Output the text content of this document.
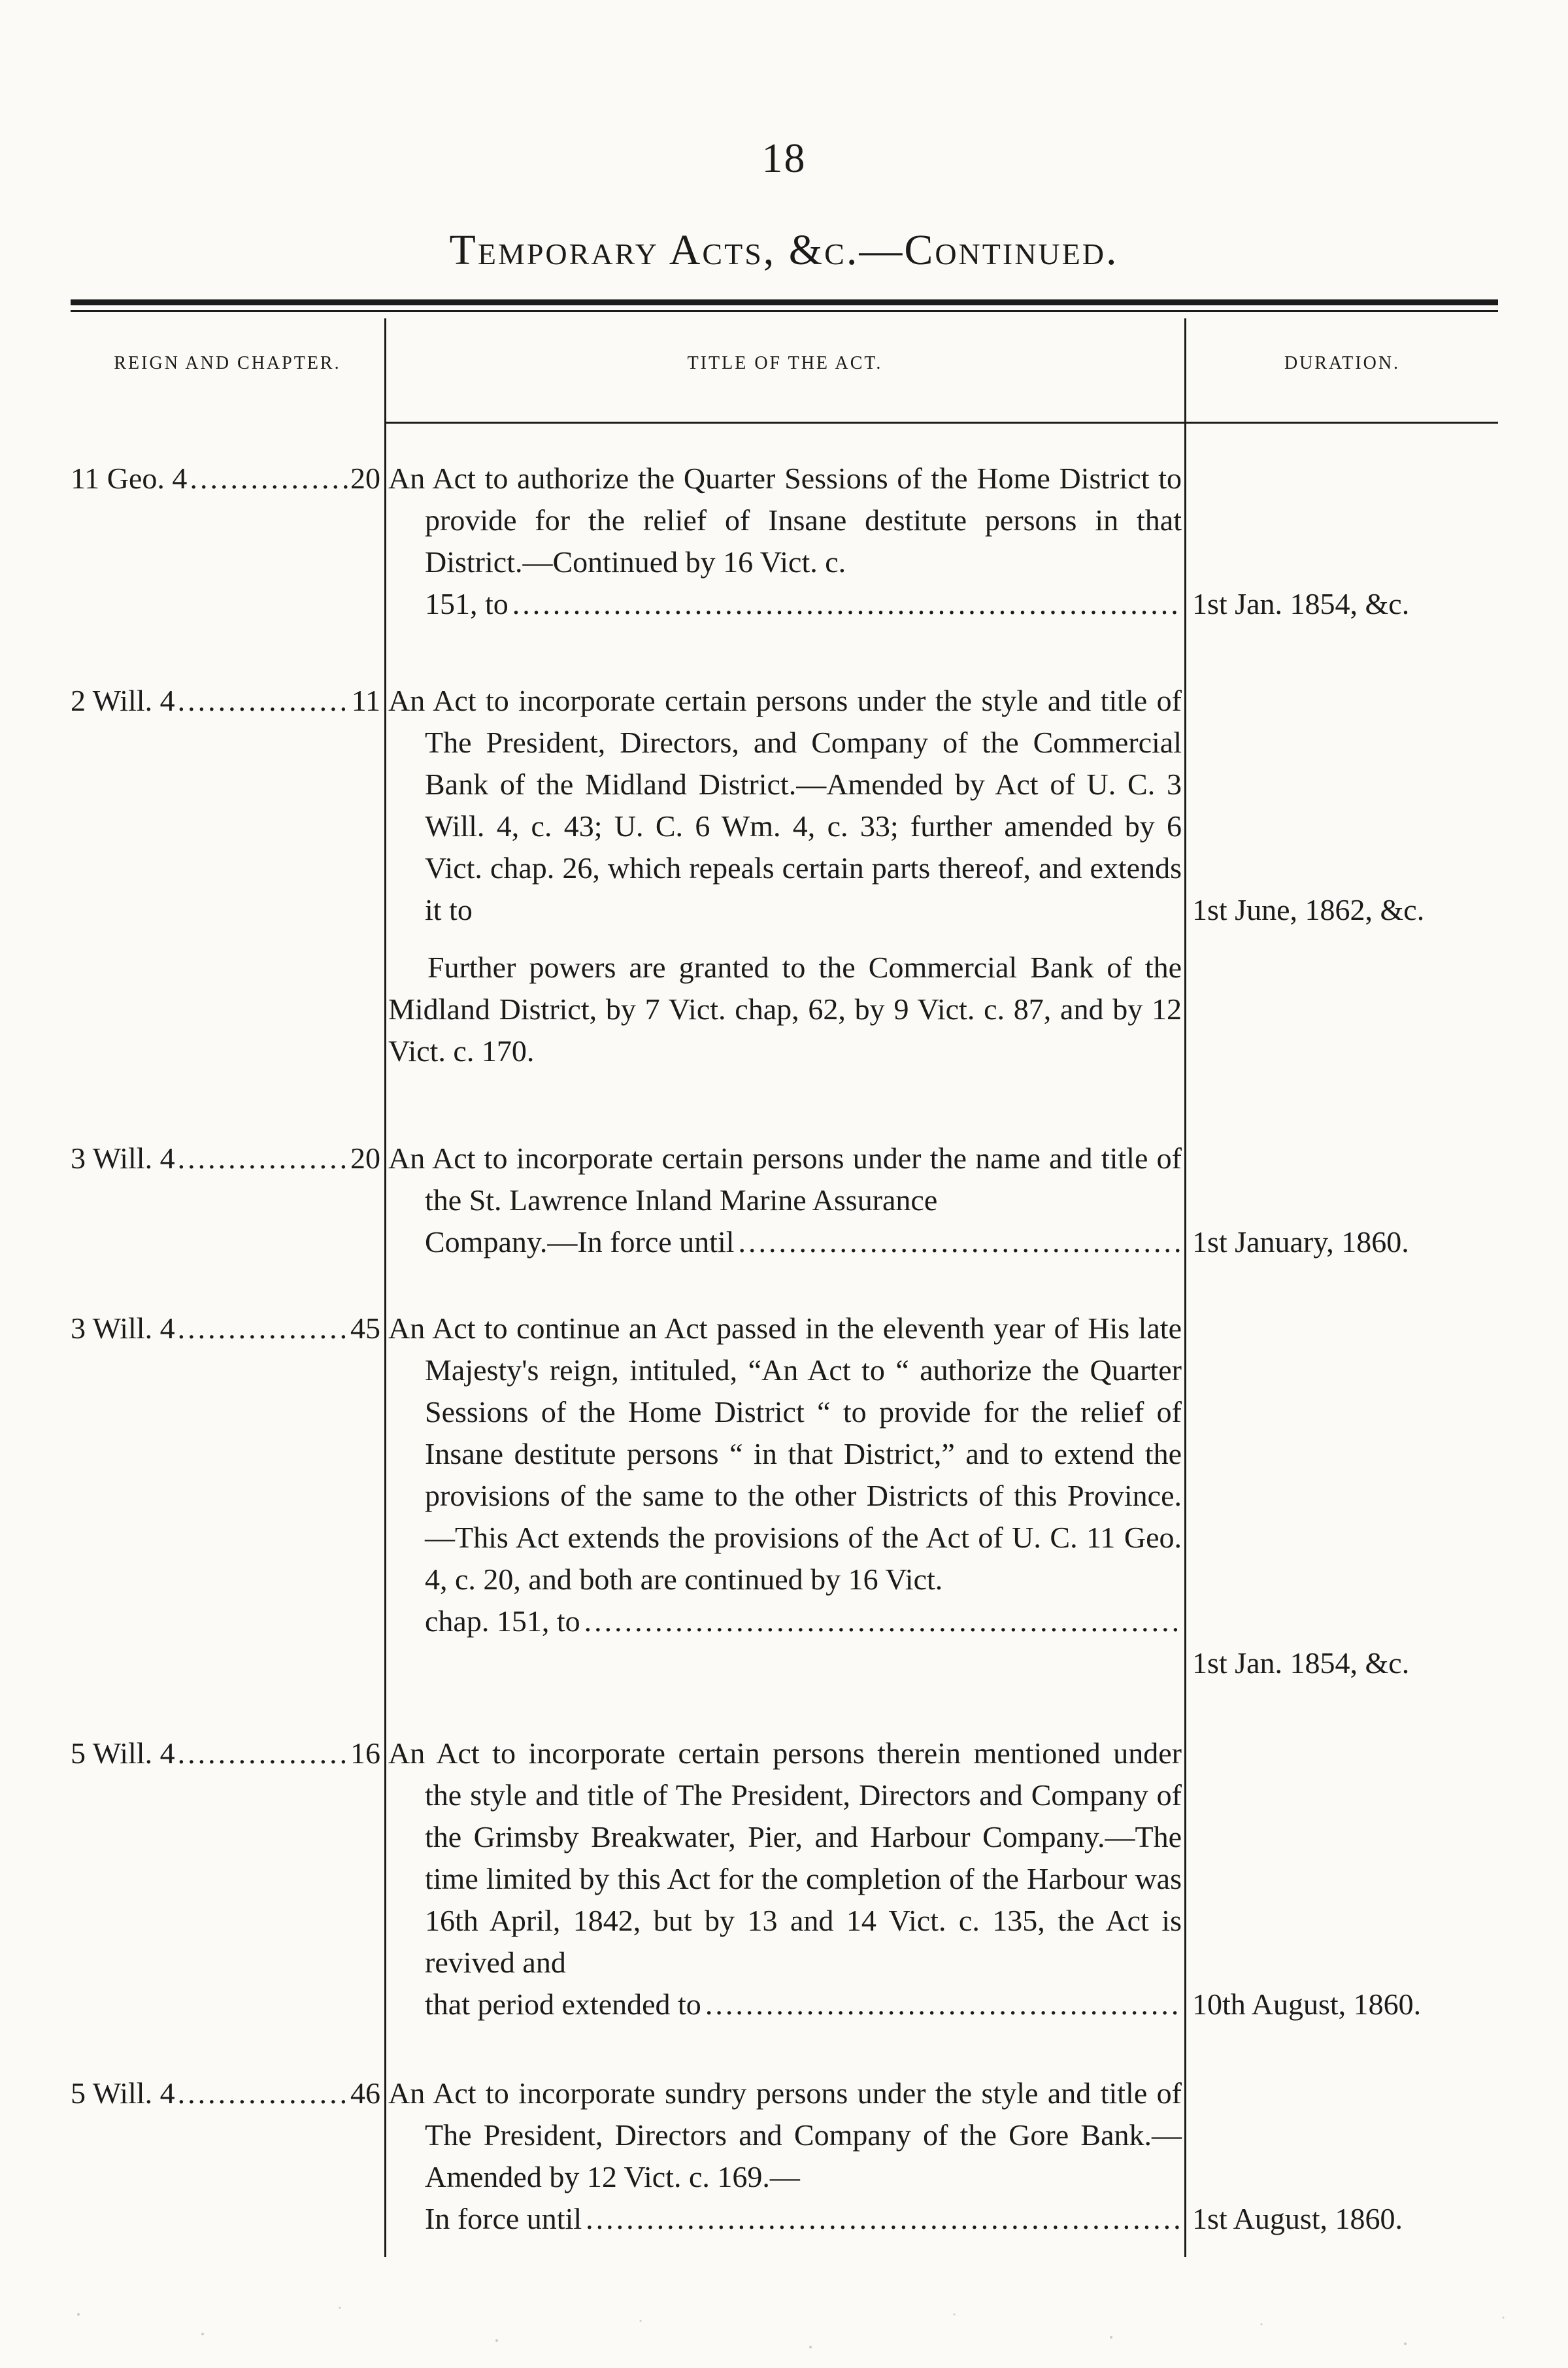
18
Temporary Acts, &c.—Continued.
REIGN AND CHAPTER.	TITLE OF THE ACT.	DURATION.
11 Geo. 4 .....	20 An Act to authorize the Quarter Sessions of the Home District to provide for the relief of Insane destitute persons in that District.—Continued by 16 Vict. c.
151, to .....	1st Jan. 1854, &c.
2 Will. 4 .....	11 An Act to incorporate certain persons under the style and title of The President, Directors, and Company of the Commercial Bank of the Midland District.—Amended by Act of U. C. 3 Will. 4, c. 43; U. C. 6 Wm. 4, c. 33; further amended by 6 Vict. chap. 26, which repeals certain parts thereof, and extends it to
Further powers are granted to the Commercial Bank of the Midland District, by 7 Vict. chap, 62, by 9 Vict. c. 87, and by 12 Vict. c. 170.
1st June, 1862, &c.
3 Will. 4 .....	20 An Act to incorporate certain persons under the name and title of the St. Lawrence Inland Marine Assurance
Company.—In force until .....	1st January, 1860.
3 Will. 4 .....	45 An Act to continue an Act passed in the eleventh year of His late Majesty's reign, intituled, “An Act to “ authorize the Quarter Sessions of the Home District “ to provide for the relief of Insane destitute persons “ in that District,” and to extend the provisions of the same to the other Districts of this Province.—This Act extends the provisions of the Act of U. C. 11 Geo. 4, c. 20, and both are continued by 16 Vict.
chap. 151, to
.....
1st Jan. 1854, &c.
5 Will. 4 .....	16 An Act to incorporate certain persons therein mentioned under the style and title of The President, Directors and Company of the Grimsby Breakwater, Pier, and Harbour Company.—The time limited by this Act for the completion of the Harbour was 16th April, 1842, but by 13 and 14 Vict. c. 135, the Act is revived and
that period extended to .....	10th August, 1860.
5 Will. 4 .....	46 An Act to incorporate sundry persons under the style and title of The President, Directors and Company of the Gore Bank.—Amended by 12 Vict. c. 169.—
In force until .....	1st August, 1860.
